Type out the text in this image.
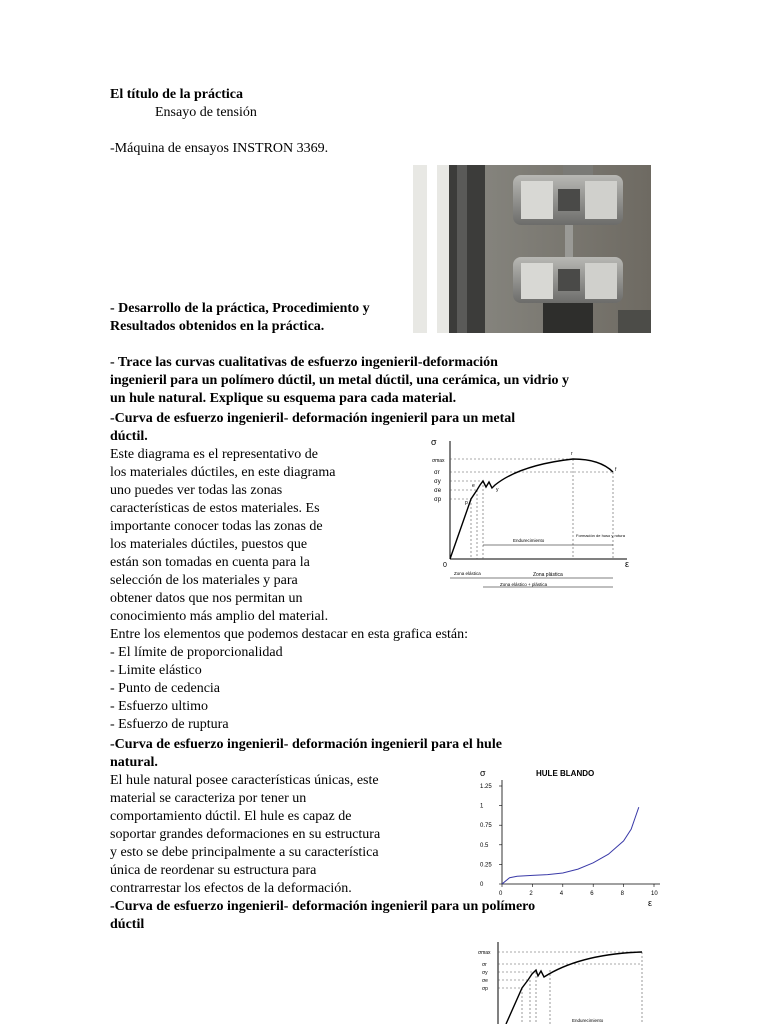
El título de la práctica
Ensayo de tensión
-Máquina de ensayos INSTRON 3369.
- Desarrollo de la práctica, Procedimiento y
Resultados obtenidos en la práctica.
- Trace las curvas cualitativas de esfuerzo ingenieril-deformación
ingenieril para un polímero dúctil, un metal dúctil, una cerámica, un vidrio y
un hule natural. Explique su esquema para cada material.
-Curva de esfuerzo ingenieril- deformación ingenieril para un metal
dúctil.
Este diagrama es el representativo de
los materiales dúctiles, en este diagrama
uno puedes ver todas las zonas
características de estos materiales. Es
importante conocer todas las zonas de
los materiales dúctiles, puestos que
están son tomadas en cuenta para la
selección de los materiales y para
obtener datos que nos permitan un
conocimiento más amplio del material.
Entre los elementos que podemos destacar en esta grafica están:
- El límite de proporcionalidad
- Limite elástico
- Punto de cedencia
- Esfuerzo ultimo
- Esfuerzo de ruptura
σ
ε
0
σmax
σr
σy
σe
σp	p
e
y
r
f
Endurecimiento
Formación de huso y rotura
Zona elástica	Zona plástica
Zona elástico + plástica
-Curva de esfuerzo ingenieril- deformación ingenieril para el hule
natural.
El hule natural posee características únicas, este
material se caracteriza por tener un
comportamiento dúctil. El hule es capaz de
soportar grandes deformaciones en su estructura
y esto se debe principalmente a su característica
única de reordenar su estructura para
contrarrestar los efectos de la deformación.
σ	HULE BLANDO
ε
0	2	4	6	8	10
0
0.25
0.5
0.75
1
1.25
-Curva de esfuerzo ingenieril- deformación ingenieril para un polímero
dúctil
σmax
σr
σy
σe
σp
Endurecimiento
